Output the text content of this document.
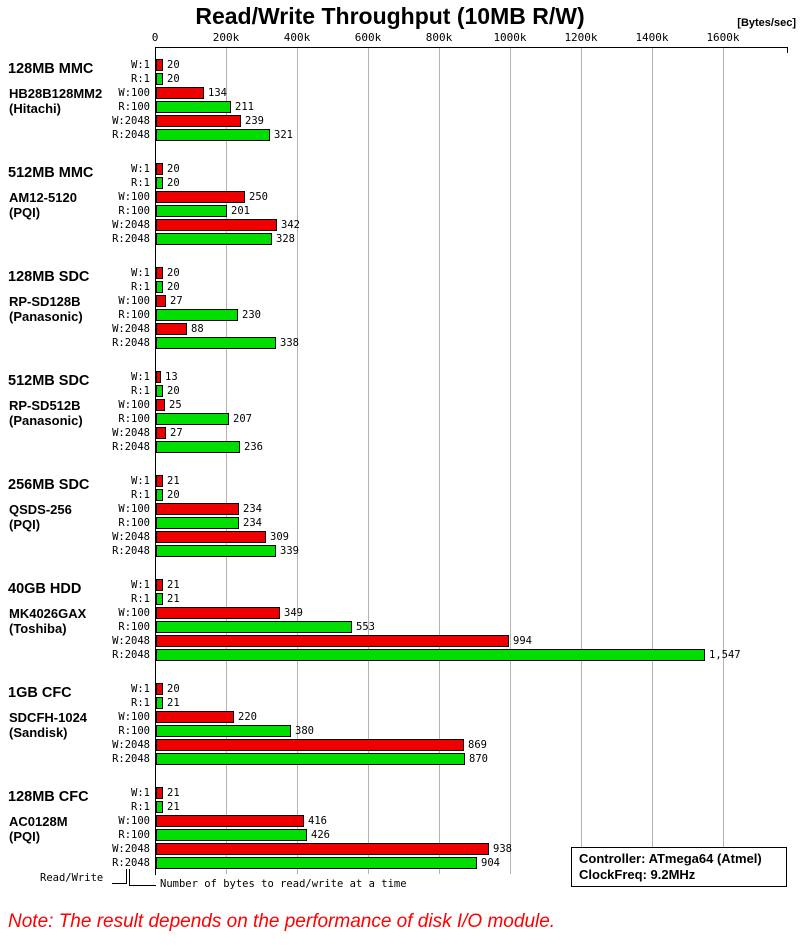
Read/Write Throughput (10MB R/W)	[Bytes/sec]
0	200k	400k	600k	800k	1000k	1200k	1400k	1600k
128MB MMC
HB28B128MM2
(Hitachi)
W:1 20
R:1 20
W:100	134
R:100	211
W:2048	239
R:2048	321
512MB MMC
AM12-5120
(PQI)
W:1 20
R:1 20
W:100	250
R:100	201
W:2048	342
R:2048	328
128MB SDC
RP-SD128B
(Panasonic)
W:1 20
R:1 20
W:100 27
R:100	230
W:2048	88
R:2048	338
512MB SDC
RP-SD512B
(Panasonic)
W:1 13
R:1 20
W:100 25
R:100	207
W:2048 27
R:2048	236
256MB SDC
QSDS-256
(PQI)
W:1 21
R:1 20
W:100	234
R:100	234
W:2048	309
R:2048	339
40GB HDD
MK4026GAX
(Toshiba)
W:1 21
R:1 21
W:100	349
R:100	553
W:2048	994
R:2048	1,547
1GB CFC
SDCFH-1024
(Sandisk)
W:1 20
R:1 21
W:100	220
R:100	380
W:2048	869
R:2048	870
128MB CFC
AC0128M
(PQI)
W:1 21
R:1 21
W:100	416
R:100	426
W:2048	938
R:2048	904
Read/Write	Number of bytes to read/write at a time
Controller: ATmega64 (Atmel)
ClockFreq: 9.2MHz
Note: The result depends on the performance of disk I/O module.
